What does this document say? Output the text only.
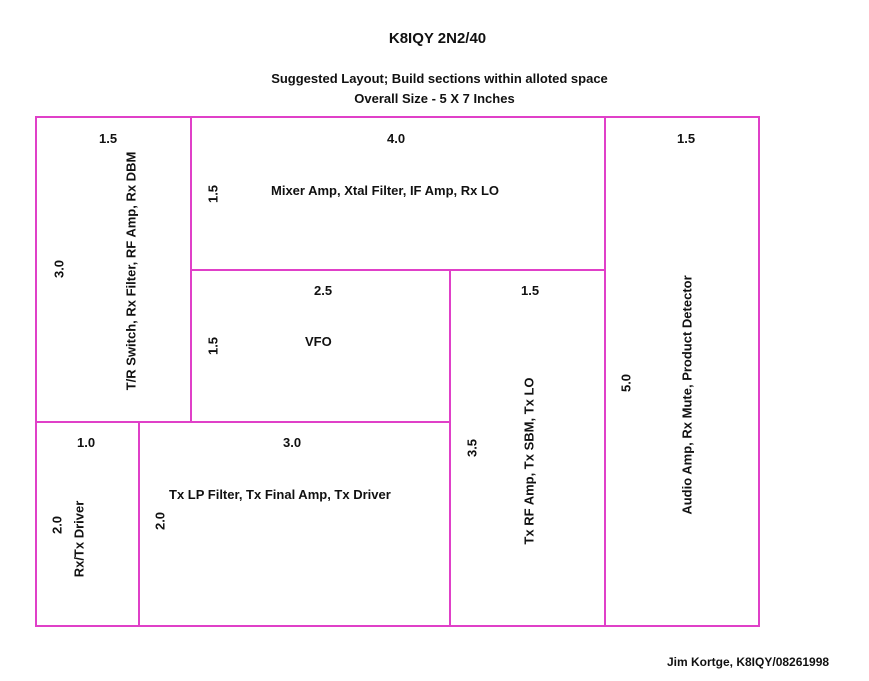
K8IQY 2N2/40
Suggested Layout; Build sections within alloted space
Overall Size - 5 X 7 Inches
1.5
3.0	T/R Switch, Rx Filter, RF Amp, Rx DBM
4.0
1.5	Mixer Amp, Xtal Filter, IF Amp, Rx LO
1.5
5.0	Audio Amp, Rx Mute, Product Detector
2.5
1.5	VFO
1.5
3.5	Tx RF Amp, Tx SBM, Tx LO
1.0
2.0 Rx/Tx Driver
3.0
2.0
Tx LP Filter, Tx Final Amp, Tx Driver
Jim Kortge, K8IQY/08261998
